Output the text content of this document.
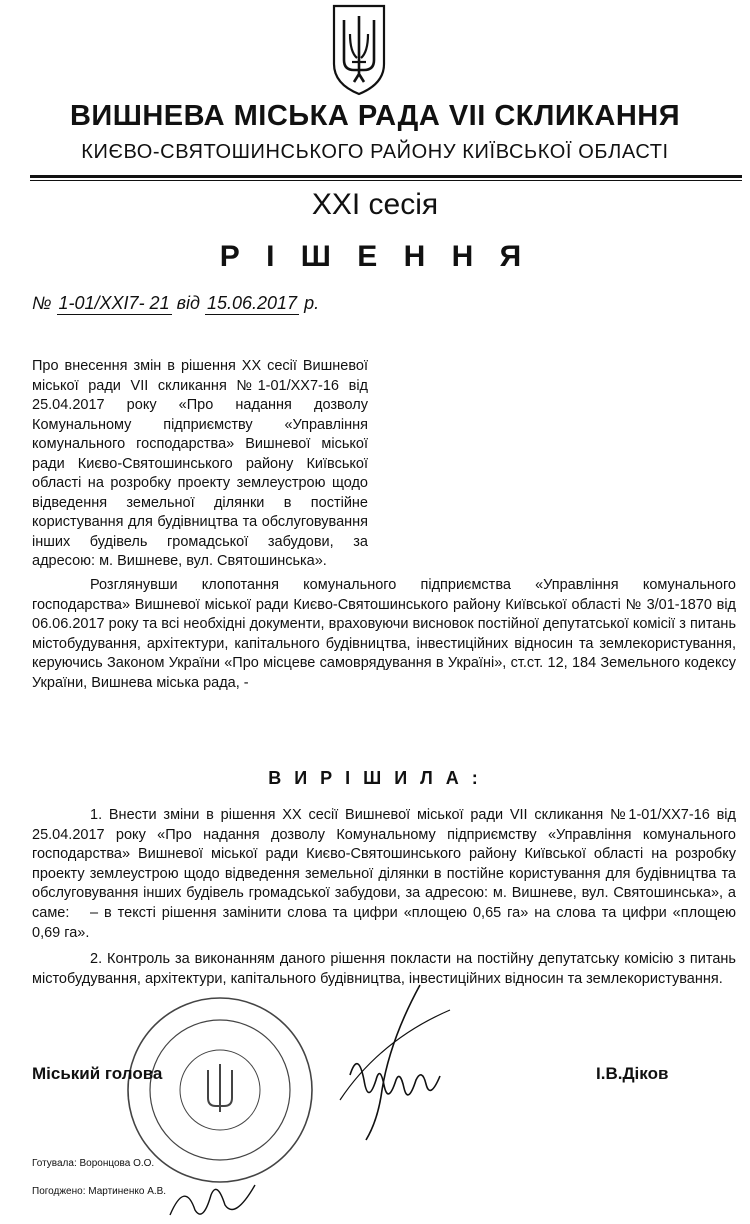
ВИШНЕВА МІСЬКА РАДА VII СКЛИКАННЯ
КИЄВО-СВЯТОШИНСЬКОГО РАЙОНУ КИЇВСЬКОЇ ОБЛАСТІ
XXI сесія
Р І Ш Е Н Н Я
№ 1-01/XXI7- 21 від 15.06.2017 р.
Про внесення змін в рішення XX сесії Вишневої міської ради VII скликання №1-01/XX7-16 від 25.04.2017 року «Про надання дозволу Комунальному підприємству «Управління комунального господарства» Вишневої міської ради Києво-Святошинського району Київської області на розробку проекту землеустрою щодо відведення земельної ділянки в постійне користування для будівництва та обслуговування інших будівель громадської забудови, за адресою: м. Вишневе, вул. Святошинська».
Розглянувши клопотання комунального підприємства «Управління комунального господарства» Вишневої міської ради Києво-Святошинського району Київської області № 3/01-1870 від 06.06.2017 року та всі необхідні документи, враховуючи висновок постійної депутатської комісії з питань містобудування, архітектури, капітального будівництва, інвестиційних відносин та землекористування, керуючись Законом України «Про місцеве самоврядування в Україні», ст.ст. 12, 184 Земельного кодексу України, Вишнева міська рада, -
В И Р І Ш И Л А :
1. Внести зміни в рішення XX сесії Вишневої міської ради VII скликання №1-01/XX7-16 від 25.04.2017 року «Про надання дозволу Комунальному підприємству «Управління комунального господарства» Вишневої міської ради Києво-Святошинського району Київської області на розробку проекту землеустрою щодо відведення земельної ділянки в постійне користування для будівництва та обслуговування інших будівель громадської забудови, за адресою: м. Вишневе, вул. Святошинська», а саме:	– в тексті рішення замінити слова та цифри «площею 0,65 га» на слова та цифри «площею 0,69 га».
2. Контроль за виконанням даного рішення покласти на постійну депутатську комісію з питань містобудування, архітектури, капітального будівництва, інвестиційних відносин та землекористування.
Міський голова	І.В.Діков
Готувала: Воронцова О.О.
Погоджено: Мартиненко А.В.
